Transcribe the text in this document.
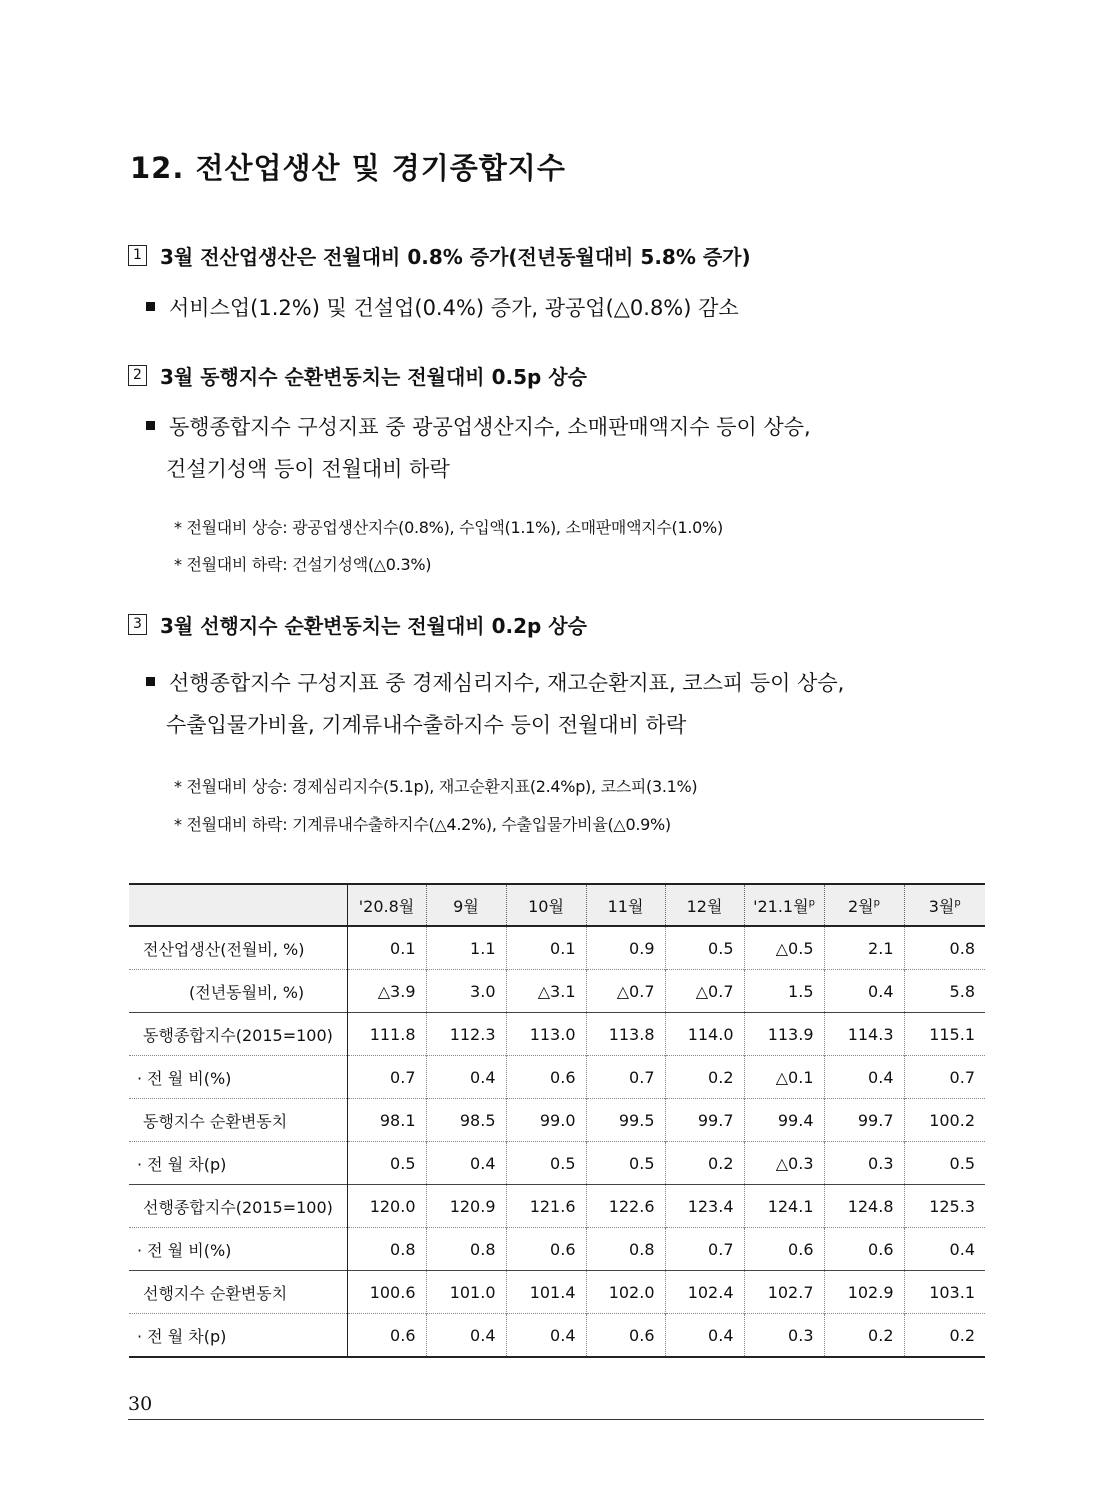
12. 전산업생산 및 경기종합지수
1 3월 전산업생산은 전월대비 0.8% 증가(전년동월대비 5.8% 증가)
서비스업(1.2%) 및 건설업(0.4%) 증가, 광공업(△0.8%) 감소
2 3월 동행지수 순환변동치는 전월대비 0.5p 상승
동행종합지수 구성지표 중 광공업생산지수, 소매판매액지수 등이 상승,
건설기성액 등이 전월대비 하락
* 전월대비 상승: 광공업생산지수(0.8%), 수입액(1.1%), 소매판매액지수(1.0%)
* 전월대비 하락: 건설기성액(△0.3%)
3 3월 선행지수 순환변동치는 전월대비 0.2p 상승
선행종합지수 구성지표 중 경제심리지수, 재고순환지표, 코스피 등이 상승,
수출입물가비율, 기계류내수출하지수 등이 전월대비 하락
* 전월대비 상승: 경제심리지수(5.1p), 재고순환지표(2.4%p), 코스피(3.1%)
* 전월대비 하락: 기계류내수출하지수(△4.2%), 수출입물가비율(△0.9%)
	'20.8월	9월	10월	11월	12월	'21.1월$^p$	2월$^p$	3월$^p$
전산업생산(전월비, %)	0.1	1.1	0.1	0.9	0.5	△0.5	2.1	0.8
(전년동월비, %)	△3.9	3.0	△3.1	△0.7	△0.7	1.5	0.4	5.8
동행종합지수(2015=100)	111.8	112.3	113.0	113.8	114.0	113.9	114.3	115.1
· 전 월 비(%)	0.7	0.4	0.6	0.7	0.2	△0.1	0.4	0.7
동행지수 순환변동치	98.1	98.5	99.0	99.5	99.7	99.4	99.7	100.2
· 전 월 차(p)	0.5	0.4	0.5	0.5	0.2	△0.3	0.3	0.5
선행종합지수(2015=100)	120.0	120.9	121.6	122.6	123.4	124.1	124.8	125.3
· 전 월 비(%)	0.8	0.8	0.6	0.8	0.7	0.6	0.6	0.4
선행지수 순환변동치	100.6	101.0	101.4	102.0	102.4	102.7	102.9	103.1
· 전 월 차(p)	0.6	0.4	0.4	0.6	0.4	0.3	0.2	0.2
30
